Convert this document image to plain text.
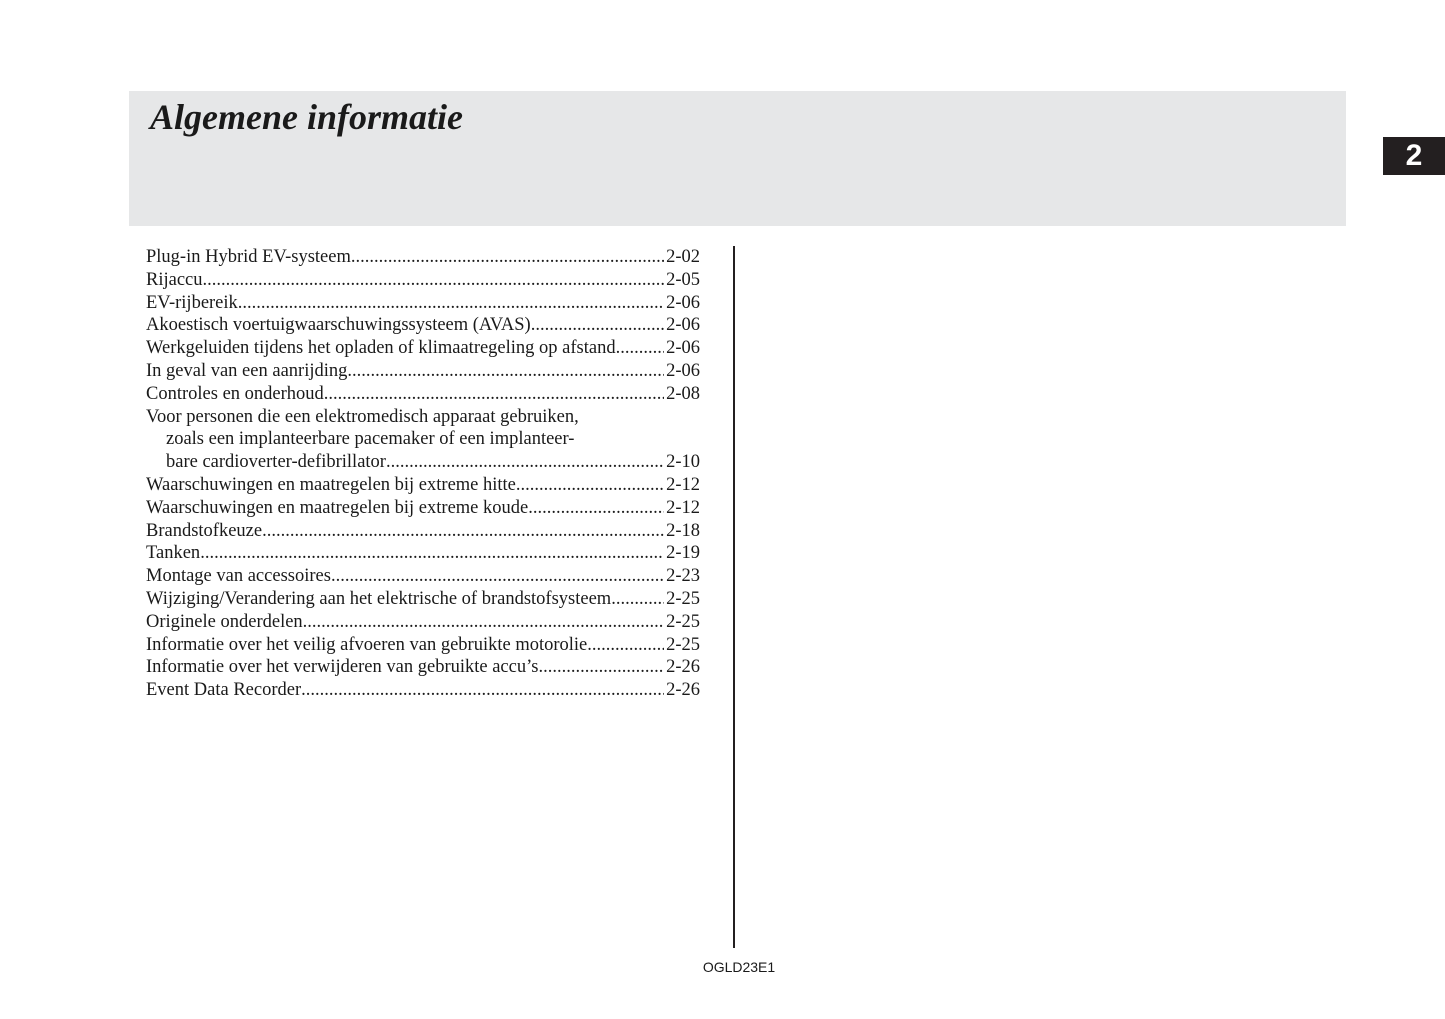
Algemene informatie
2
Plug-in Hybrid EV-systeem .....	2-02
Rijaccu .....	2-05
EV-rijbereik .....	2-06
Akoestisch voertuigwaarschuwingssysteem (AVAS) .....	2-06
Werkgeluiden tijdens het opladen of klimaatregeling op afstand .....	2-06
In geval van een aanrijding .....	2-06
Controles en onderhoud .....	2-08
Voor personen die een elektromedisch apparaat gebruiken,
zoals een implanteerbare pacemaker of een implanteer-
bare cardioverter-defibrillator .....	2-10
Waarschuwingen en maatregelen bij extreme hitte .....	2-12
Waarschuwingen en maatregelen bij extreme koude .....	2-12
Brandstofkeuze .....	2-18
Tanken .....	2-19
Montage van accessoires .....	2-23
Wijziging/Verandering aan het elektrische of brandstofsysteem .....	2-25
Originele onderdelen .....	2-25
Informatie over het veilig afvoeren van gebruikte motorolie .....	2-25
Informatie over het verwijderen van gebruikte accu’s .....	2-26
Event Data Recorder .....	2-26
OGLD23E1
